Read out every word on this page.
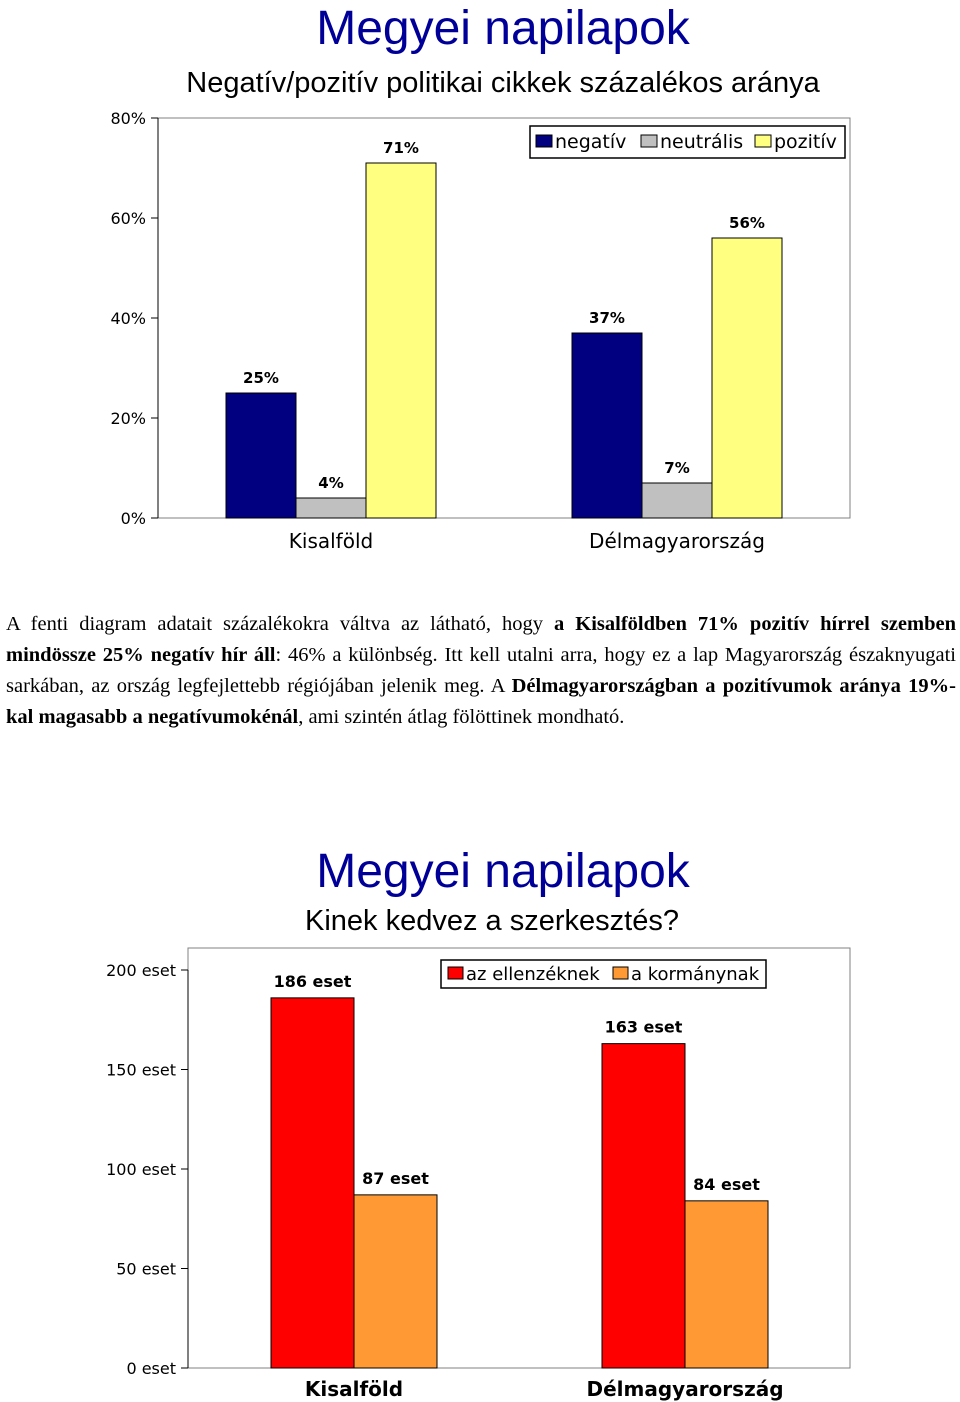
Megyei napilapok
Negatív/pozitív politikai cikkek százalékos aránya
0%
20%
40%
60%
80%
25%
4%
71%
37%
7%
56%
Kisalföld	Délmagyarország
negatív neutrális pozitív
A fenti diagram adatait százalékokra váltva az látható, hogy a Kisalföldben 71% pozitív hírrel szemben mindössze 25% negatív hír áll: 46% a különbség. Itt kell utalni arra, hogy ez a lap Magyarország északnyugati sarkában, az ország legfejlettebb régiójában jelenik meg. A Délmagyarországban a pozitívumok aránya 19%-kal magasabb a negatívumokénál, ami szintén átlag fölöttinek mondható.
Megyei napilapok
Kinek kedvez a szerkesztés?
0 eset
50 eset
100 eset
150 eset
200 eset
186 eset
87 eset
163 eset
84 eset
Kisalföld	Délmagyarország
az ellenzéknek a kormánynak
